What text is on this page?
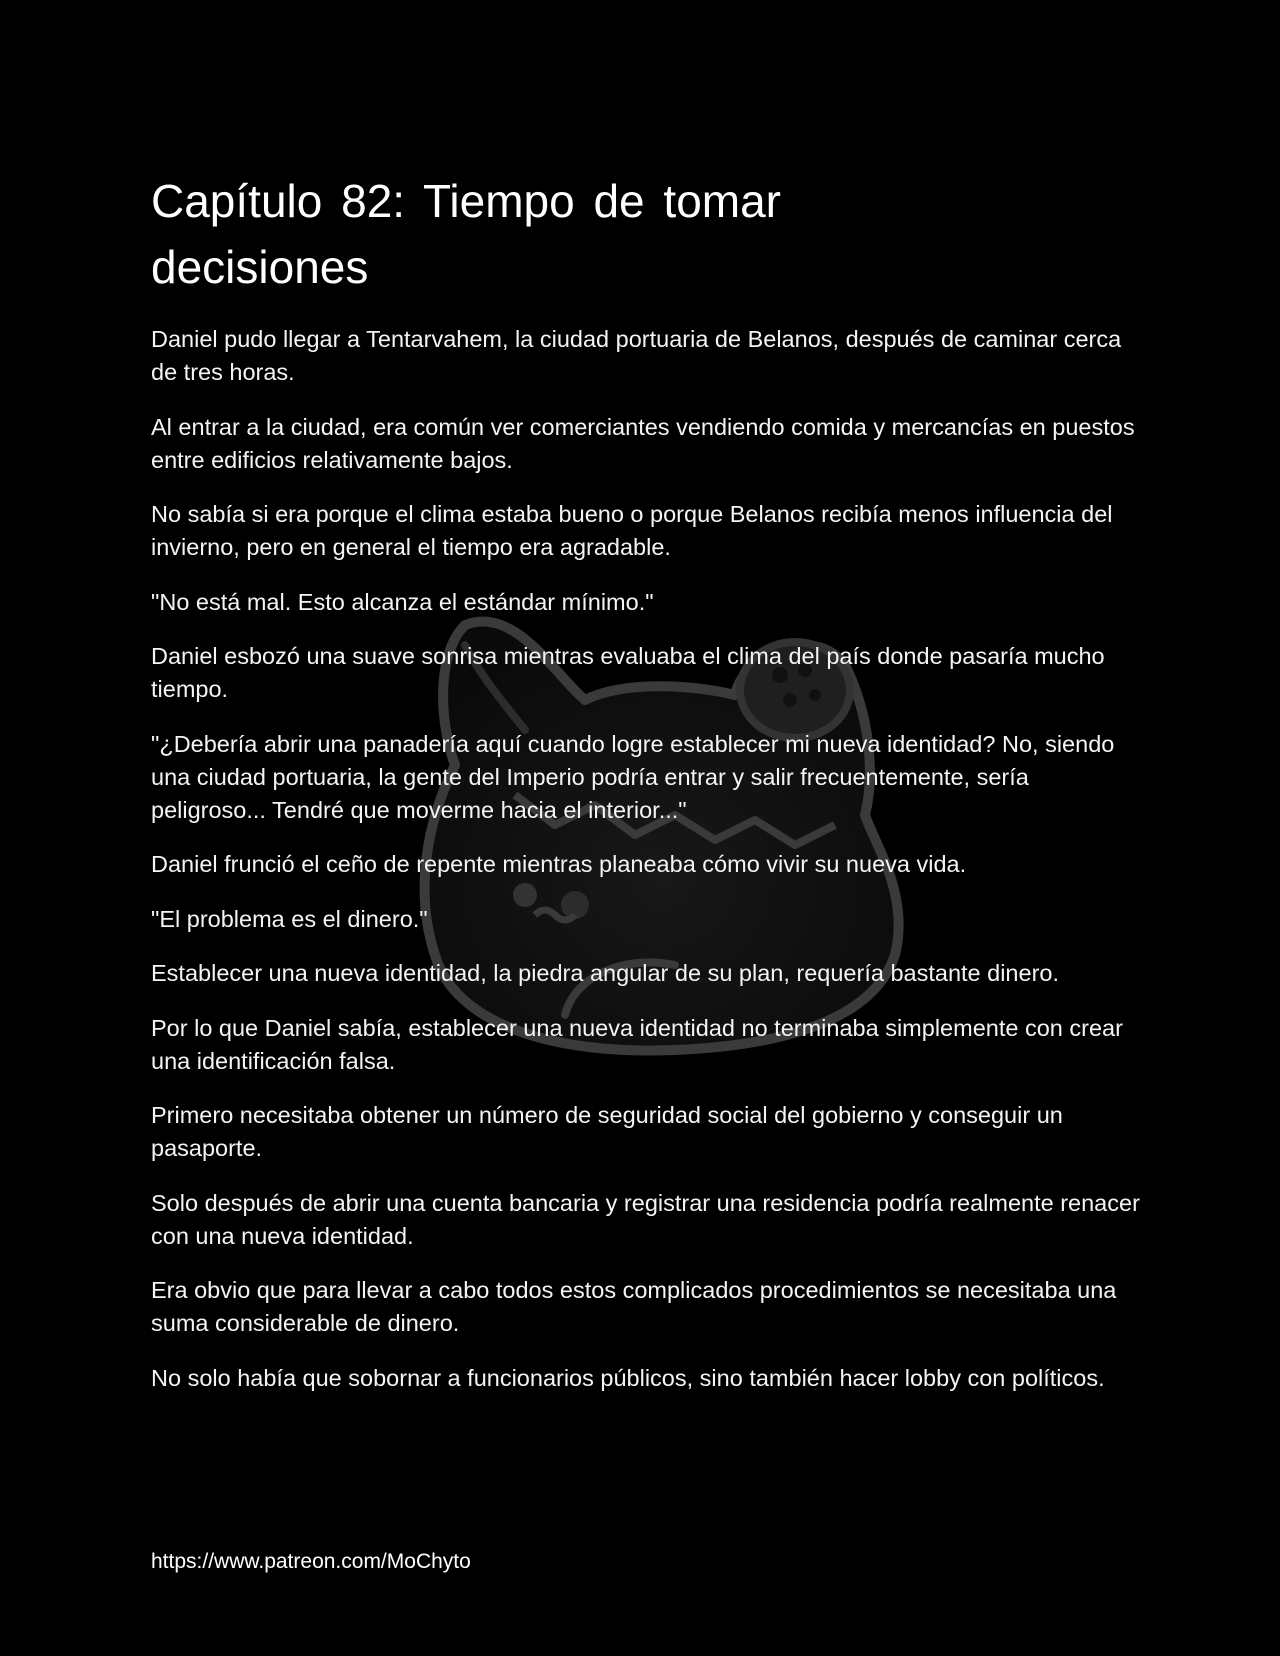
Capítulo 82: Tiempo de tomar decisiones

Daniel pudo llegar a Tentarvahem, la ciudad portuaria de Belanos, después de caminar cerca de tres horas.

Al entrar a la ciudad, era común ver comerciantes vendiendo comida y mercancías en puestos entre edificios relativamente bajos.

No sabía si era porque el clima estaba bueno o porque Belanos recibía menos influencia del invierno, pero en general el tiempo era agradable.

"No está mal. Esto alcanza el estándar mínimo."

Daniel esbozó una suave sonrisa mientras evaluaba el clima del país donde pasaría mucho tiempo.

"¿Debería abrir una panadería aquí cuando logre establecer mi nueva identidad? No, siendo una ciudad portuaria, la gente del Imperio podría entrar y salir frecuentemente, sería peligroso... Tendré que moverme hacia el interior..."

Daniel frunció el ceño de repente mientras planeaba cómo vivir su nueva vida.

"El problema es el dinero."

Establecer una nueva identidad, la piedra angular de su plan, requería bastante dinero.

Por lo que Daniel sabía, establecer una nueva identidad no terminaba simplemente con crear una identificación falsa.

Primero necesitaba obtener un número de seguridad social del gobierno y conseguir un pasaporte.

Solo después de abrir una cuenta bancaria y registrar una residencia podría realmente renacer con una nueva identidad.

Era obvio que para llevar a cabo todos estos complicados procedimientos se necesitaba una suma considerable de dinero.

No solo había que sobornar a funcionarios públicos, sino también hacer lobby con políticos.

https://www.patreon.com/MoChyto
